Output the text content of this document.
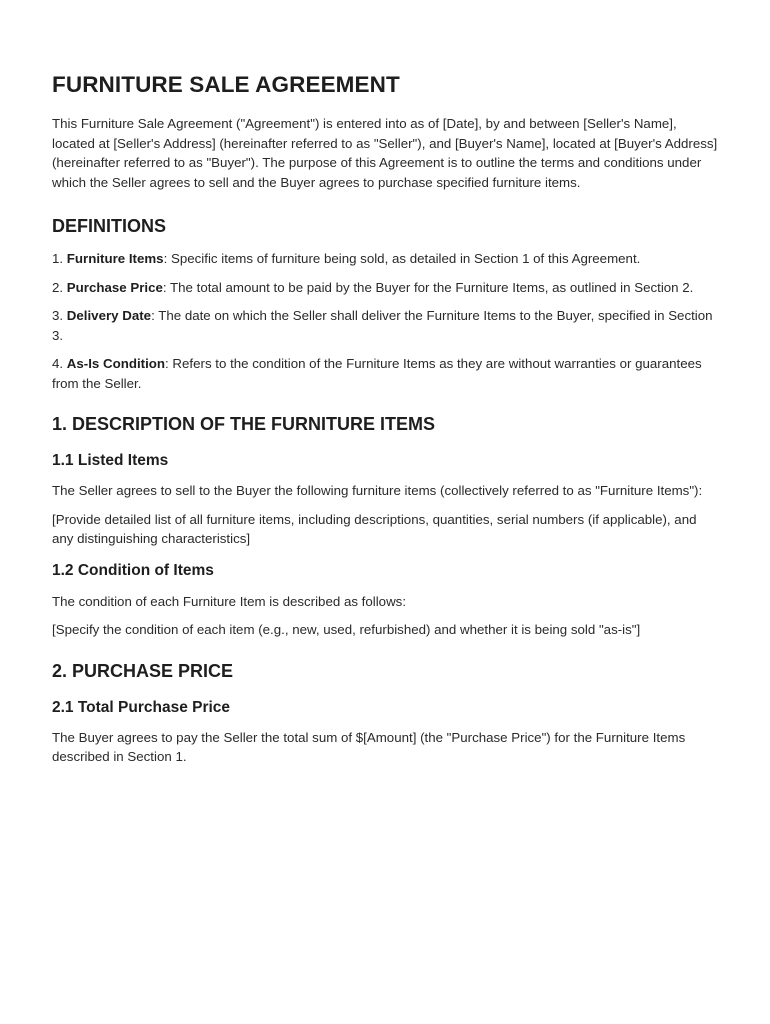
FURNITURE SALE AGREEMENT

This Furniture Sale Agreement ("Agreement") is entered into as of [Date], by and between [Seller's Name], located at [Seller's Address] (hereinafter referred to as "Seller"), and [Buyer's Name], located at [Buyer's Address] (hereinafter referred to as "Buyer"). The purpose of this Agreement is to outline the terms and conditions under which the Seller agrees to sell and the Buyer agrees to purchase specified furniture items.

DEFINITIONS

1. Furniture Items: Specific items of furniture being sold, as detailed in Section 1 of this Agreement.

2. Purchase Price: The total amount to be paid by the Buyer for the Furniture Items, as outlined in Section 2.

3. Delivery Date: The date on which the Seller shall deliver the Furniture Items to the Buyer, specified in Section 3.

4. As-Is Condition: Refers to the condition of the Furniture Items as they are without warranties or guarantees from the Seller.

1. DESCRIPTION OF THE FURNITURE ITEMS
1.1 Listed Items

The Seller agrees to sell to the Buyer the following furniture items (collectively referred to as "Furniture Items"):

[Provide detailed list of all furniture items, including descriptions, quantities, serial numbers (if applicable), and any distinguishing characteristics]

1.2 Condition of Items

The condition of each Furniture Item is described as follows:

[Specify the condition of each item (e.g., new, used, refurbished) and whether it is being sold "as-is"]

2. PURCHASE PRICE
2.1 Total Purchase Price

The Buyer agrees to pay the Seller the total sum of $[Amount] (the "Purchase Price") for the Furniture Items described in Section 1.
